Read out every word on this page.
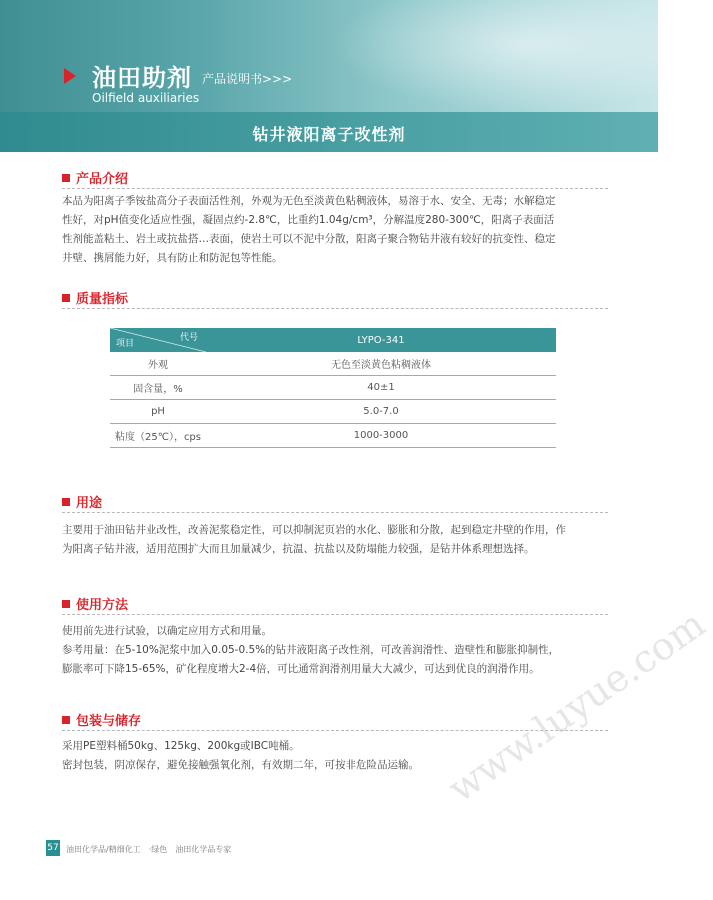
油田助剂 产品说明书>>>
Oilfield auxiliaries
钻井液阳离子改性剂
产品介绍

本品为阳离子季铵盐高分子表面活性剂，外观为无色至淡黄色粘稠液体，易溶于水、安全、无毒；水解稳定

性好，对pH值变化适应性强，凝固点约-2.8℃，比重约1.04g/cm³，分解温度280-300℃，阳离子表面活

性剂能盖粘土、岩土或抗盐搭…表面，使岩土可以不泥中分散，阳离子聚合物钻井液有较好的抗变性、稳定

井壁、携屑能力好，具有防止和防泥包等性能。

质量指标
代号
项目	LYPO-341
外观	无色至淡黄色粘稠液体
固含量，%	40±1
pH	5.0-7.0
粘度（25℃），cps	1000-3000
用途

主要用于油田钻井业改性，改善泥浆稳定性，可以抑制泥页岩的水化、膨胀和分散，起到稳定井壁的作用，作

为阳离子钻井液，适用范围扩大而且加量减少，抗温、抗盐以及防塌能力较强，是钻井体系理想选择。

使用方法

使用前先进行试验，以确定应用方式和用量。

参考用量：在5-10%泥浆中加入0.05-0.5%的钻井液阳离子改性剂，可改善润滑性、造壁性和膨胀抑制性，

膨胀率可下降15-65%，矿化程度增大2-4倍，可比通常润滑剂用量大大减少，可达到优良的润滑作用。

包装与储存

采用PE塑料桶50kg、125kg、200kg或IBC吨桶。

密封包装，阴凉保存，避免接触强氧化剂，有效期二年，可按非危险品运输。

57 油田化学品/精细化工　·绿色　油田化学品专家
www.luyue.com
